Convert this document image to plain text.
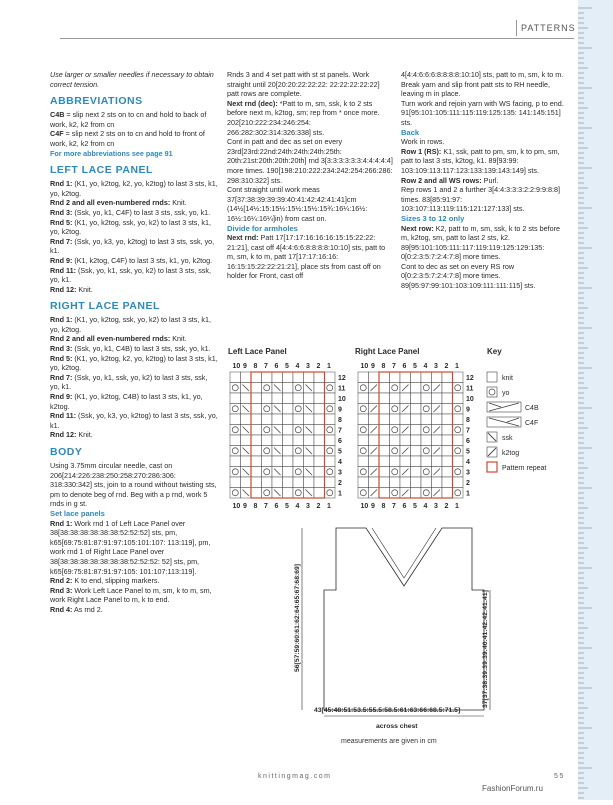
PATTERNS

Use larger or smaller needles if necessary to obtain correct tension.

ABBREVIATIONS

C4B = slip next 2 sts on to cn and hold to back of work, k2, k2 from cn

C4F = slip next 2 sts on to cn and hold to front of work, k2, k2 from cn

For more abbreviations see page 91

LEFT LACE PANEL

Rnd 1: (K1, yo, k2tog, k2, yo, k2tog) to last 3 sts, k1, yo, k2tog.

Rnd 2 and all even-numbered rnds: Knit.

Rnd 3: (Ssk, yo, k1, C4F) to last 3 sts, ssk, yo, k1.

Rnd 5: (K1, yo, k2tog, ssk, yo, k2) to last 3 sts, k1, yo, k2tog.

Rnd 7: (Ssk, yo, k3, yo, k2tog) to last 3 sts, ssk, yo, k1.

Rnd 9: (K1, k2tog, C4F) to last 3 sts, k1, yo, k2tog.

Rnd 11: (Ssk, yo, k1, ssk, yo, k2) to last 3 sts, ssk, yo, k1.

Rnd 12: Knit.

RIGHT LACE PANEL

Rnd 1: (K1, yo, k2tog, ssk, yo, k2) to last 3 sts, k1, yo, k2tog.

Rnd 2 and all even-numbered rnds: Knit.

Rnd 3: (Ssk, yo, k1, C4B) to last 3 sts, ssk, yo, k1.

Rnd 5: (K1, yo, k2tog, k2, yo, k2tog) to last 3 sts, k1, yo, k2tog.

Rnd 7: (Ssk, yo, k1, ssk, yo, k2) to last 3 sts, ssk, yo, k1.

Rnd 9: (K1, yo, k2tog, C4B) to last 3 sts, k1, yo, k2tog.

Rnd 11: (Ssk, yo, k3, yo, k2tog) to last 3 sts, ssk, yo, k1.

Rnd 12: Knit.

BODY

Using 3.75mm circular needle, cast on 206[214:226:238:250:258:270:286:306: 318:330:342] sts, join to a round without twisting sts, pm to denote beg of rnd. Beg with a p rnd, work 5 rnds in g st.

Set lace panels

Rnd 1: Work rnd 1 of Left Lace Panel over 38[38:38:38:38:38:38:52:52:52] sts, pm, k65[69:75:81:87:91:97:105:101:107: 113:119], pm, work rnd 1 of Right Lace Panel over 38[38:38:38:38:38:38:38:52:52:52: 52] sts, pm, k65[69:75:81:87:91:97:105: 101:107:113:119].

Rnd 2: K to end, slipping markers.

Rnd 3: Work Left Lace Panel to m, sm, k to m, sm, work Right Lace Panel to m, k to end.

Rnd 4: As rnd 2.

Rnds 3 and 4 set patt with st st panels. Work straight until 20[20:20:22:22:22: 22:22:22:22:22] patt rows are complete.

Next rnd (dec): *Patt to m, sm, ssk, k to 2 sts before next m, k2tog, sm; rep from * once more. 202[210:222:234:246:254: 266:282:302:314:326:338] sts.

Cont in patt and dec as set on every 23rd[23rd:22nd:24th:24th:24th:25th: 20th:21st:20th:20th:20th] rnd 3[3:3:3:3:3:3:4:4:4:4:4] more times. 190[198:210:222:234:242:254:266:286: 298:310:322] sts.

Cont straight until work meas 37[37:38:39:39:39:40:41:42:42:41:41]cm (14½[14½:15:15½:15½:15½:15¾:16¼:16½: 16½:16¼:16¼]in) from cast on.

Divide for armholes

Next rnd: Patt 17[17:17:16:16:16:15:15:22:22: 21:21], cast off 4[4:4:6:6:8:8:8:8:10:10] sts, patt to m, sm, k to m, patt 17[17:17:16:16: 16:15:15:22:22:21:21], place sts from cast off on holder for Front, cast off

4[4:4:6:6:6:8:8:8:8:10:10] sts, patt to m, sm, k to m.

Break yarn and slip front patt sts to RH needle, leaving m in place.

Turn work and rejoin yarn with WS facing, p to end. 91[95:101:105:111:115:119:125:135: 141:145:151] sts.

Back

Work in rows.

Row 1 (RS): K1, ssk, patt to pm, sm, k to pm, sm, patt to last 3 sts, k2tog, k1. 89[93:99: 103:109:113:117:123:133:139:143:149] sts.

Row 2 and all WS rows: Purl.

Rep rows 1 and 2 a further 3[4:4:3:3:3:2:2:9:9:8:8] times. 83[85:91:97: 103:107:113:119:115:121:127:133] sts.

Sizes 3 to 12 only

Next row: K2, patt to m, sm, ssk, k to 2 sts before m, k2tog, sm, patt to last 2 sts, k2. 89[95:101:105:111:117:119:119:125:129:135: 0[0:2:3:5:7:2:4:7:8] more times.

Cont to dec as set on every RS row 0[0:2:3:5:7:2:4:7:8] more times. 89[95:97:99:101:103:109:111:111:115] sts.

Left Lace Panel	Right Lace Panel	Key
10
10
9
9
8
8
7
7
6
6
5
5
4
4
3
3
2
2
1
1
12
11
10
9
8
7
6
5
4
3
2
1
10
10
9
9
8
8
7
7
6
6
5
5
4
4
3
3
2
2
1
1
12
11
10
9
8
7
6
5
4
3
2
1
knit
yo
C4B
C4F
ssk
k2tog
Pattern repeat
56[57:59:60:61:62:64:65:67:68:69]	37[37:38:39:39:39:40:41:42:42:41:41]
43[45:48:51:53.5:55.5:58.5:61:63:66:68.5:71.5]
across chest
measurements are given in cm
knittingmag.com	55
FashionForum.ru
